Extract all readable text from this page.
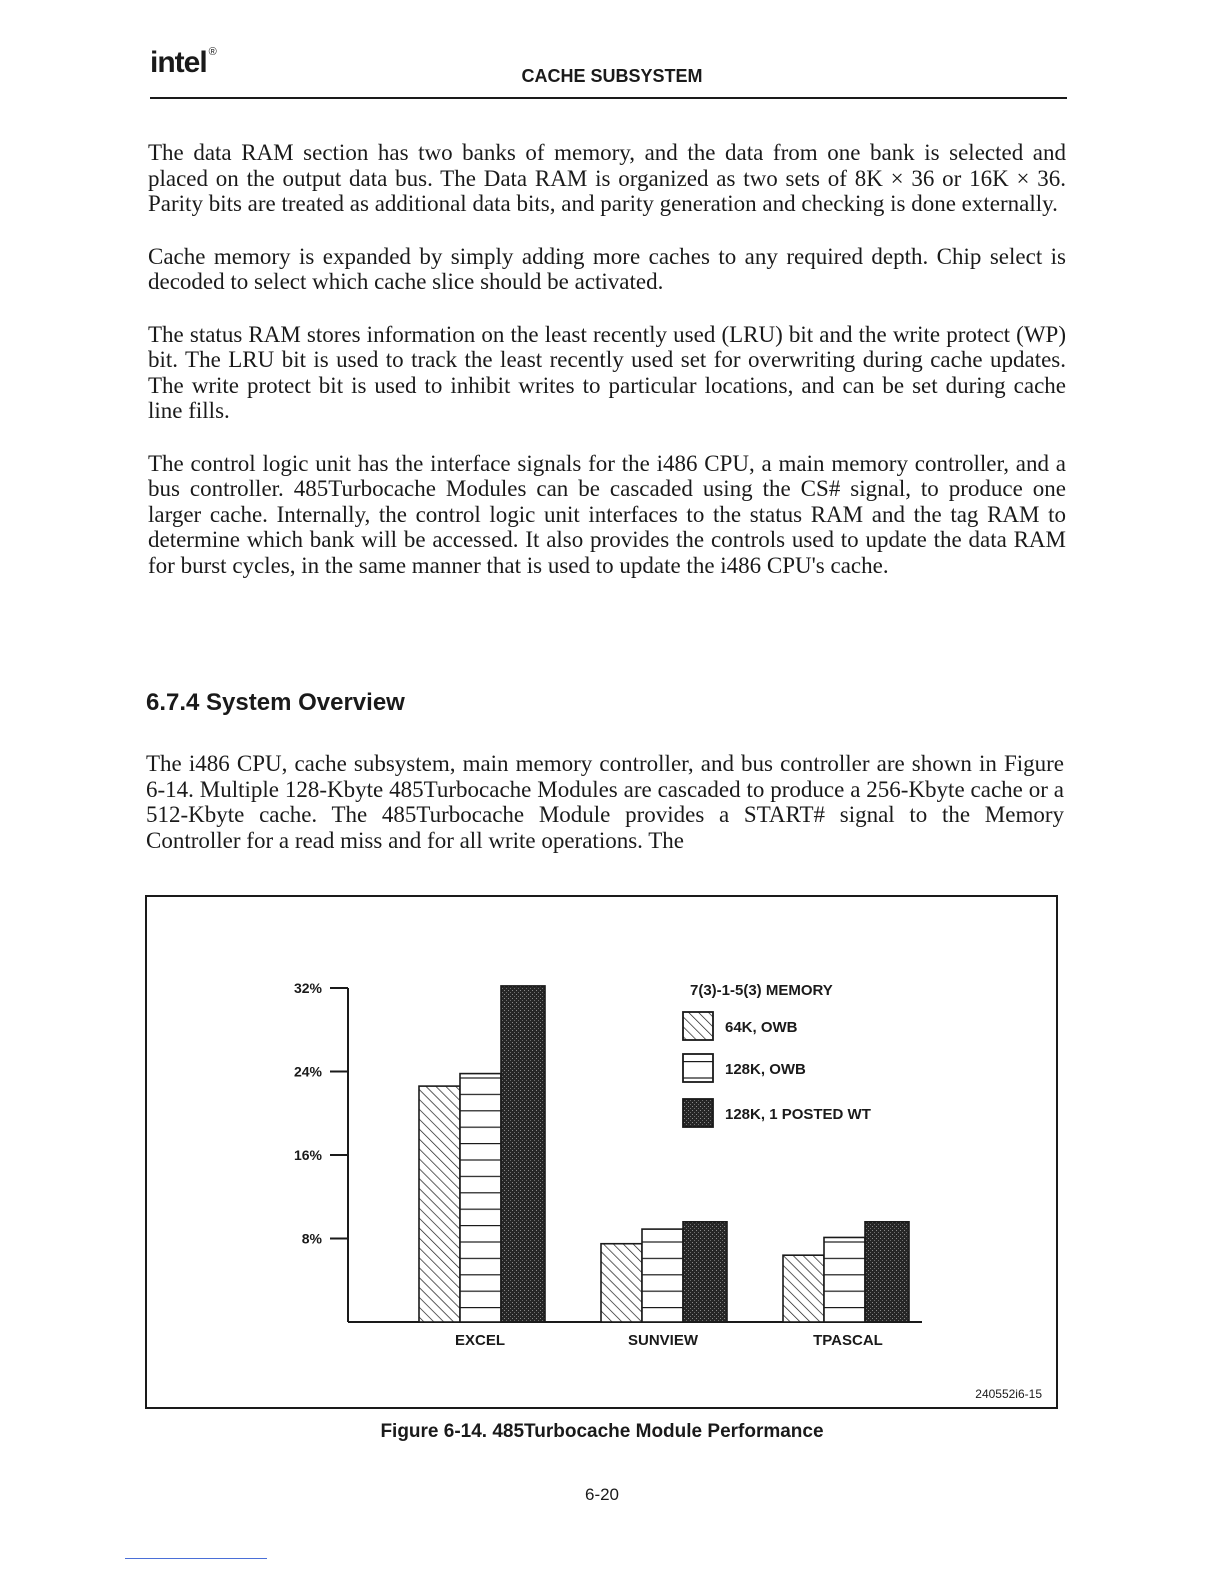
intel ®
CACHE SUBSYSTEM

The data RAM section has two banks of memory, and the data from one bank is selected and placed on the output data bus. The Data RAM is organized as two sets of 8K × 36 or 16K × 36. Parity bits are treated as additional data bits, and parity generation and checking is done externally.

Cache memory is expanded by simply adding more caches to any required depth. Chip select is decoded to select which cache slice should be activated.

The status RAM stores information on the least recently used (LRU) bit and the write protect (WP) bit. The LRU bit is used to track the least recently used set for overwriting during cache updates. The write protect bit is used to inhibit writes to particular locations, and can be set during cache line fills.

The control logic unit has the interface signals for the i486 CPU, a main memory controller, and a bus controller. 485Turbocache Modules can be cascaded using the CS# signal, to produce one larger cache. Internally, the control logic unit interfaces to the status RAM and the tag RAM to determine which bank will be accessed. It also provides the controls used to update the data RAM for burst cycles, in the same manner that is used to update the i486 CPU's cache.

6.7.4 System Overview

The i486 CPU, cache subsystem, main memory controller, and bus controller are shown in Figure 6-14. Multiple 128-Kbyte 485Turbocache Modules are cascaded to produce a 256-Kbyte cache or a 512-Kbyte cache. The 485Turbocache Module provides a START# signal to the Memory Controller for a read miss and for all write operations. The

8%
16%
24%
32%
EXCEL	SUNVIEW	TPASCAL
7(3)-1-5(3) MEMORY
64K, OWB
128K, OWB
128K, 1 POSTED WT
240552i6-15

Figure 6-14. 485Turbocache Module Performance

6-20
